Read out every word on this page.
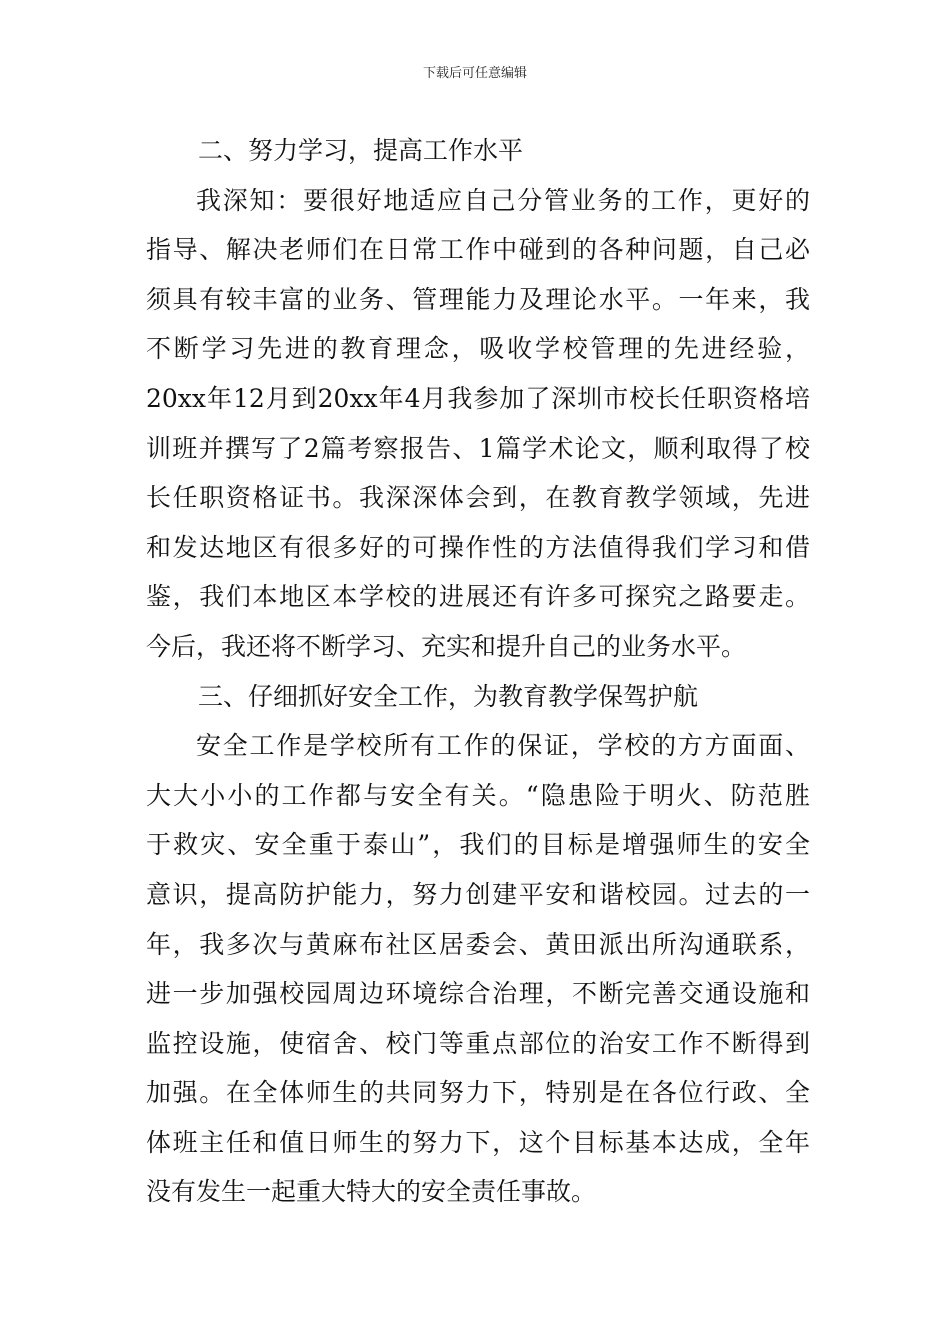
下载后可任意编辑
二、努力学习，提高工作水平
我深知：要很好地适应自己分管业务的工作，更好的
指导、解决老师们在日常工作中碰到的各种问题，自己必
须具有较丰富的业务、管理能力及理论水平。一年来，我
不断学习先进的教育理念，吸收学校管理的先进经验，
20xx年12月到20xx年4月我参加了深圳市校长任职资格培
训班并撰写了2篇考察报告、1篇学术论文，顺利取得了校
长任职资格证书。我深深体会到，在教育教学领域，先进
和发达地区有很多好的可操作性的方法值得我们学习和借
鉴，我们本地区本学校的进展还有许多可探究之路要走。
今后，我还将不断学习、充实和提升自己的业务水平。
三、仔细抓好安全工作，为教育教学保驾护航
安全工作是学校所有工作的保证，学校的方方面面、
大大小小的工作都与安全有关。“隐患险于明火、防范胜
于救灾、安全重于泰山”，我们的目标是增强师生的安全
意识，提高防护能力，努力创建平安和谐校园。过去的一
年，我多次与黄麻布社区居委会、黄田派出所沟通联系，
进一步加强校园周边环境综合治理，不断完善交通设施和
监控设施，使宿舍、校门等重点部位的治安工作不断得到
加强。在全体师生的共同努力下，特别是在各位行政、全
体班主任和值日师生的努力下，这个目标基本达成，全年
没有发生一起重大特大的安全责任事故。
